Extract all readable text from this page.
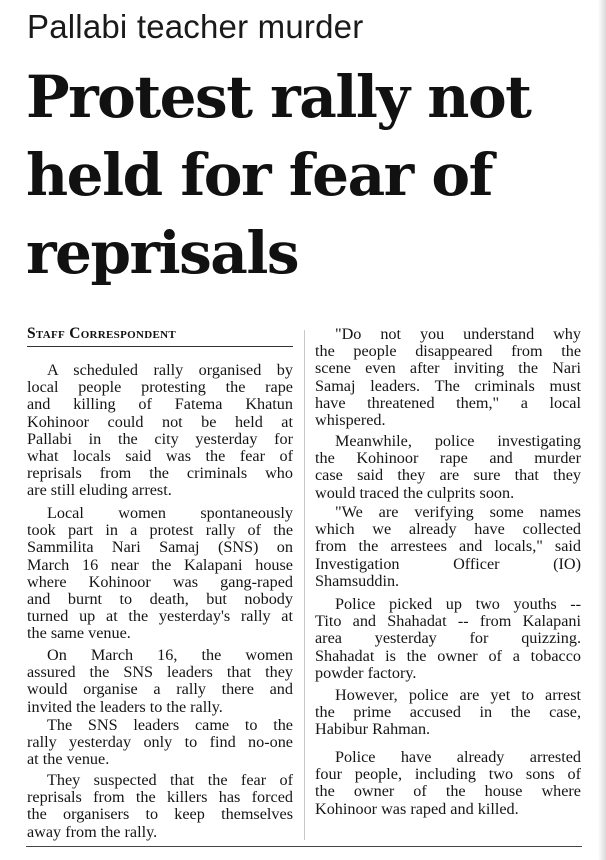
Pallabi teacher murder
Protest rally not
held for fear of
reprisals
Staff Correspondent

A scheduled rally organised by
local people protesting the rape
and killing of Fatema Khatun
Kohinoor could not be held at
Pallabi in the city yesterday for
what locals said was the fear of
reprisals from the criminals who
are still eluding arrest.

Local women spontaneously
took part in a protest rally of the
Sammilita Nari Samaj (SNS) on
March 16 near the Kalapani house
where Kohinoor was gang-raped
and burnt to death, but nobody
turned up at the yesterday's rally at
the same venue.

On March 16, the women
assured the SNS leaders that they
would organise a rally there and
invited the leaders to the rally.

The SNS leaders came to the
rally yesterday only to find no-one
at the venue.

They suspected that the fear of
reprisals from the killers has forced
the organisers to keep themselves
away from the rally.

"Do not you understand why
the people disappeared from the
scene even after inviting the Nari
Samaj leaders. The criminals must
have threatened them," a local
whispered.

Meanwhile, police investigating
the Kohinoor rape and murder
case said they are sure that they
would traced the culprits soon.

"We are verifying some names
which we already have collected
from the arrestees and locals," said
Investigation Officer (IO)
Shamsuddin.

Police picked up two youths --
Tito and Shahadat -- from Kalapani
area yesterday for quizzing.
Shahadat is the owner of a tobacco
powder factory.

However, police are yet to arrest
the prime accused in the case,
Habibur Rahman.

Police have already arrested
four people, including two sons of
the owner of the house where
Kohinoor was raped and killed.
